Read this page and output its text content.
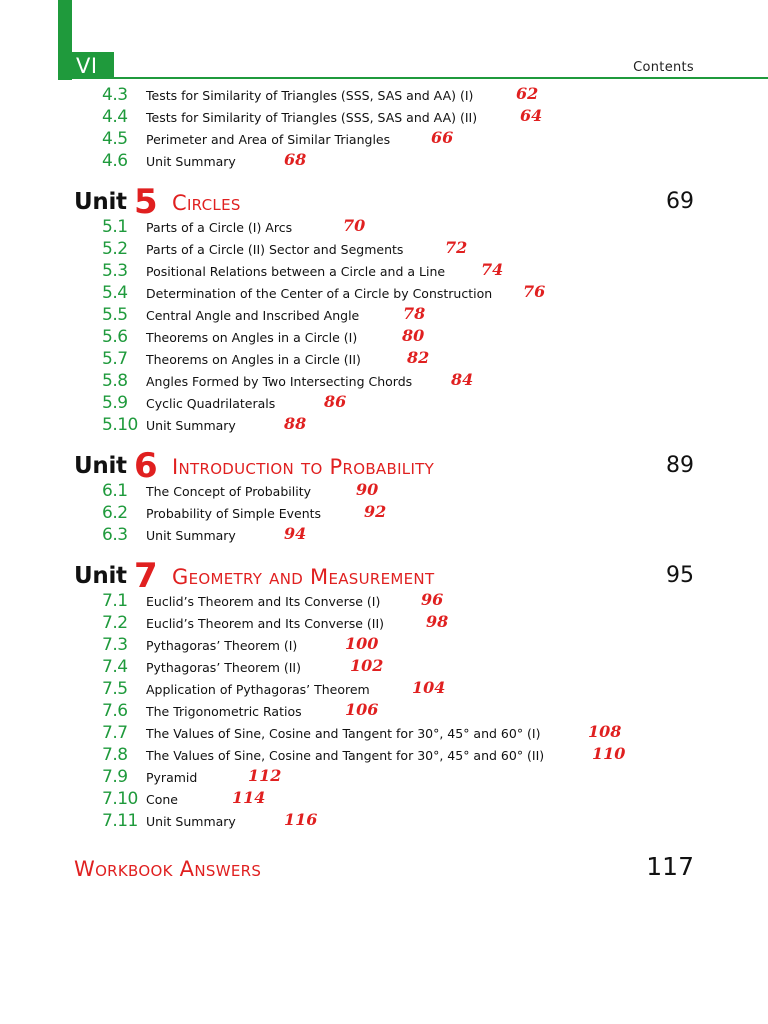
VI	Contents
4.3 Tests for Similarity of Triangles (SSS, SAS and AA) (I)	62
4.4 Tests for Similarity of Triangles (SSS, SAS and AA) (II)	64
4.5 Perimeter and Area of Similar Triangles	66
4.6 Unit Summary	68
Unit 5 Circles	69
5.1 Parts of a Circle (I) Arcs	70
5.2 Parts of a Circle (II) Sector and Segments	72
5.3 Positional Relations between a Circle and a Line 74
5.4 Determination of the Center of a Circle by Construction 76
5.5 Central Angle and Inscribed Angle	78
5.6 Theorems on Angles in a Circle (I)	80
5.7 Theorems on Angles in a Circle (II)	82
5.8 Angles Formed by Two Intersecting Chords 84
5.9 Cyclic Quadrilaterals	86
5.10 Unit Summary	88
Unit 6 Introduction to Probability	89
6.1 The Concept of Probability	90
6.2 Probability of Simple Events	92
6.3 Unit Summary	94
Unit 7 Geometry and Measurement	95
7.1 Euclid’s Theorem and Its Converse (I)	96
7.2 Euclid’s Theorem and Its Converse (II)	98
7.3 Pythagoras’ Theorem (I)	100
7.4 Pythagoras’ Theorem (II)	102
7.5 Application of Pythagoras’ Theorem	104
7.6 The Trigonometric Ratios	106
7.7 The Values of Sine, Cosine and Tangent for 30°, 45° and 60° (I)	108
7.8 The Values of Sine, Cosine and Tangent for 30°, 45° and 60° (II)	110
7.9 Pyramid	112
7.10 Cone	114
7.11 Unit Summary	116
Workbook Answers	117
